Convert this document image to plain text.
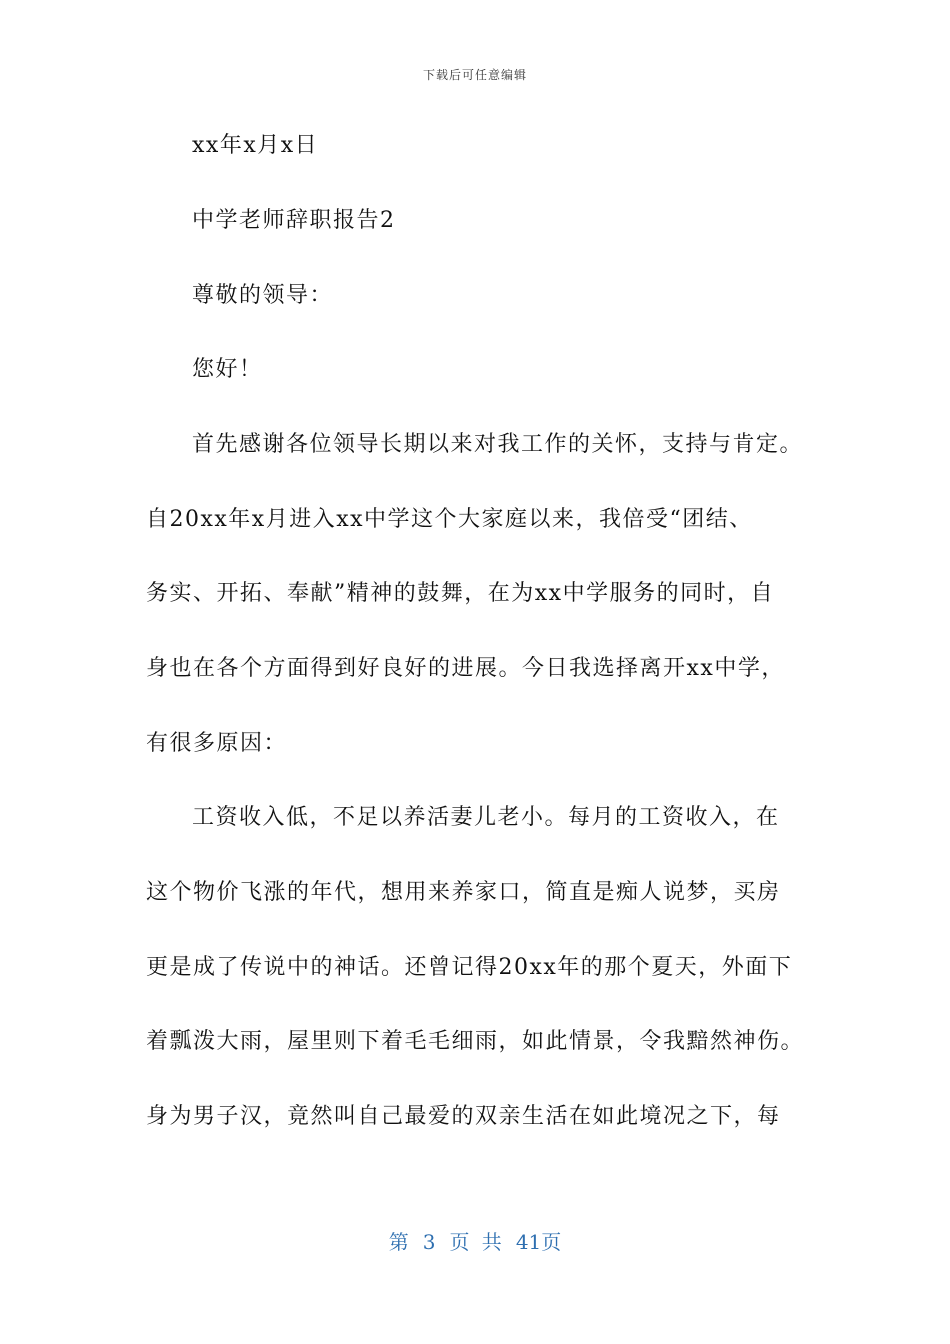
下载后可任意编辑
xx年x月x日
中学老师辞职报告2
尊敬的领导：
您好！
首先感谢各位领导长期以来对我工作的关怀，支持与肯定。
自20xx年x月进入xx中学这个大家庭以来，我倍受“团结、
务实、开拓、奉献”精神的鼓舞，在为xx中学服务的同时，自
身也在各个方面得到好良好的进展。今日我选择离开xx中学，
有很多原因：
工资收入低，不足以养活妻儿老小。每月的工资收入，在
这个物价飞涨的年代，想用来养家口，简直是痴人说梦，买房
更是成了传说中的神话。还曾记得20xx年的那个夏天，外面下
着瓢泼大雨，屋里则下着毛毛细雨，如此情景，令我黯然神伤。
身为男子汉，竟然叫自己最爱的双亲生活在如此境况之下，每
第 3 页 共 41页
